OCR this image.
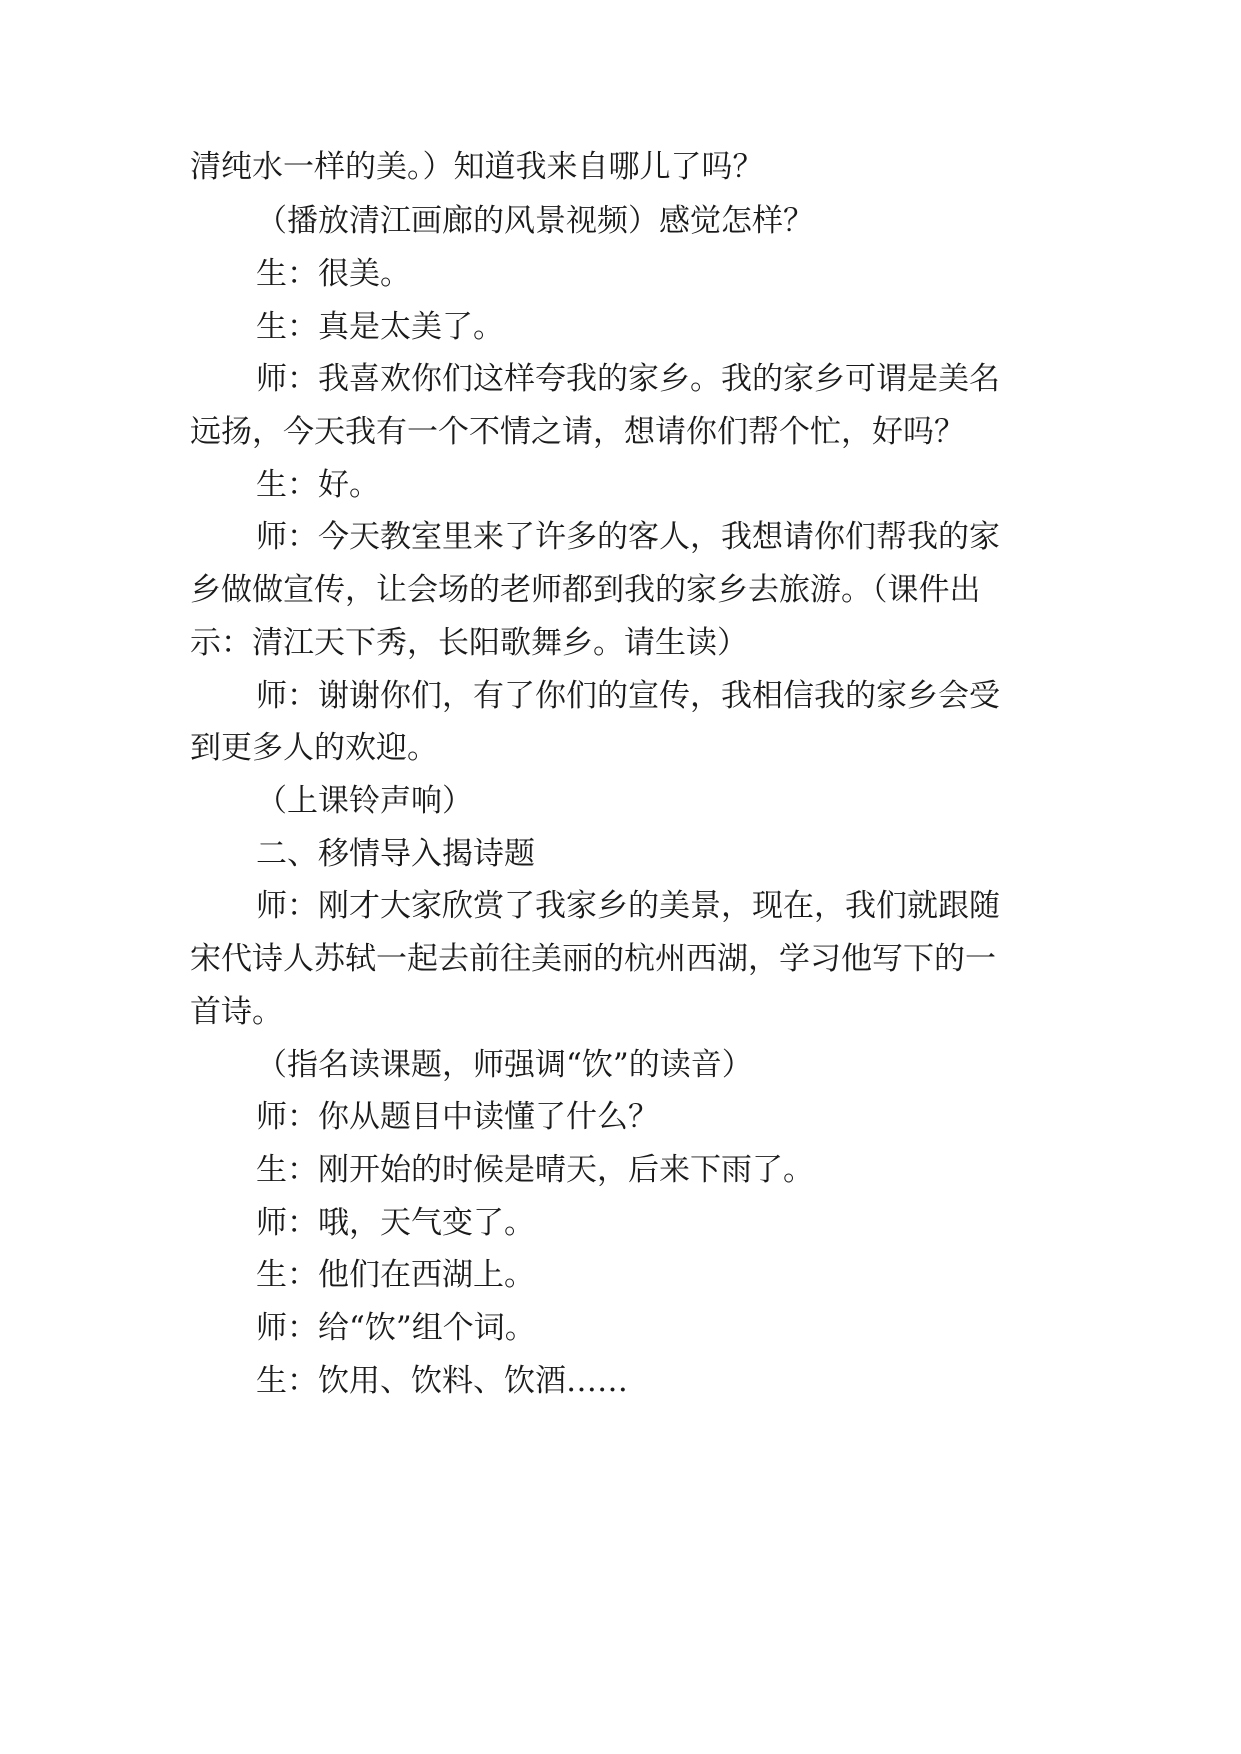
清纯水一样的美。）知道我来自哪儿了吗？
（播放清江画廊的风景视频）感觉怎样？
生：很美。
生：真是太美了。
师：我喜欢你们这样夸我的家乡。我的家乡可谓是美名
远扬，今天我有一个不情之请，想请你们帮个忙，好吗？
生：好。
师：今天教室里来了许多的客人，我想请你们帮我的家
乡做做宣传，让会场的老师都到我的家乡去旅游。（课件出
示：清江天下秀，长阳歌舞乡。请生读）
师：谢谢你们，有了你们的宣传，我相信我的家乡会受
到更多人的欢迎。
（上课铃声响）
二、移情导入揭诗题
师：刚才大家欣赏了我家乡的美景，现在，我们就跟随
宋代诗人苏轼一起去前往美丽的杭州西湖，学习他写下的一
首诗。
（指名读课题，师强调“饮”的读音）
师：你从题目中读懂了什么？
生：刚开始的时候是晴天，后来下雨了。
师：哦，天气变了。
生：他们在西湖上。
师：给“饮”组个词。
生：饮用、饮料、饮酒……
